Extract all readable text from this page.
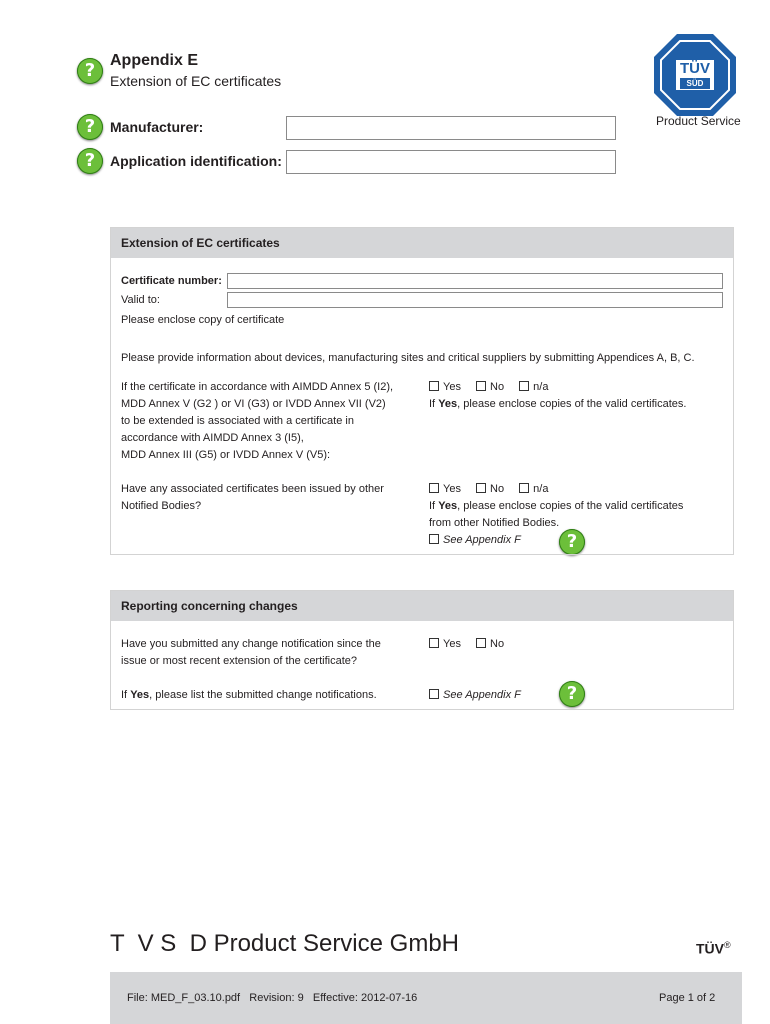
?
?
?
?
?
Appendix E
Extension of EC certificates
Manufacturer:
Application identification:
TÜV
SÜD
Product Service
Extension of EC certificates
Certificate number:
Valid to:
Please enclose copy of certificate
Please provide information about devices, manufacturing sites and critical suppliers by submitting Appendices A, B, C.
If the certificate in accordance with AIMDD Annex 5 (I2),
MDD Annex V (G2 ) or VI (G3) or IVDD Annex VII (V2)
to be extended is associated with a certificate in
accordance with AIMDD Annex 3 (I5),
MDD Annex III (G5) or IVDD Annex V (V5):
Yes	No	n/a
If Yes, please enclose copies of the valid certificates.
Have any associated certificates been issued by other
Notified Bodies?
Yes	No	n/a
If Yes, please enclose copies of the valid certificates
from other Notified Bodies.
See Appendix F
Reporting concerning changes
Have you submitted any change notification since the
issue or most recent extension of the certificate?
Yes	No
If Yes, please list the submitted change notifications.	See Appendix F
T  V S  D Product Service GmbH	TÜV®
File: MED_F_03.10.pdf   Revision: 9   Effective: 2012-07-16	Page 1 of 2
